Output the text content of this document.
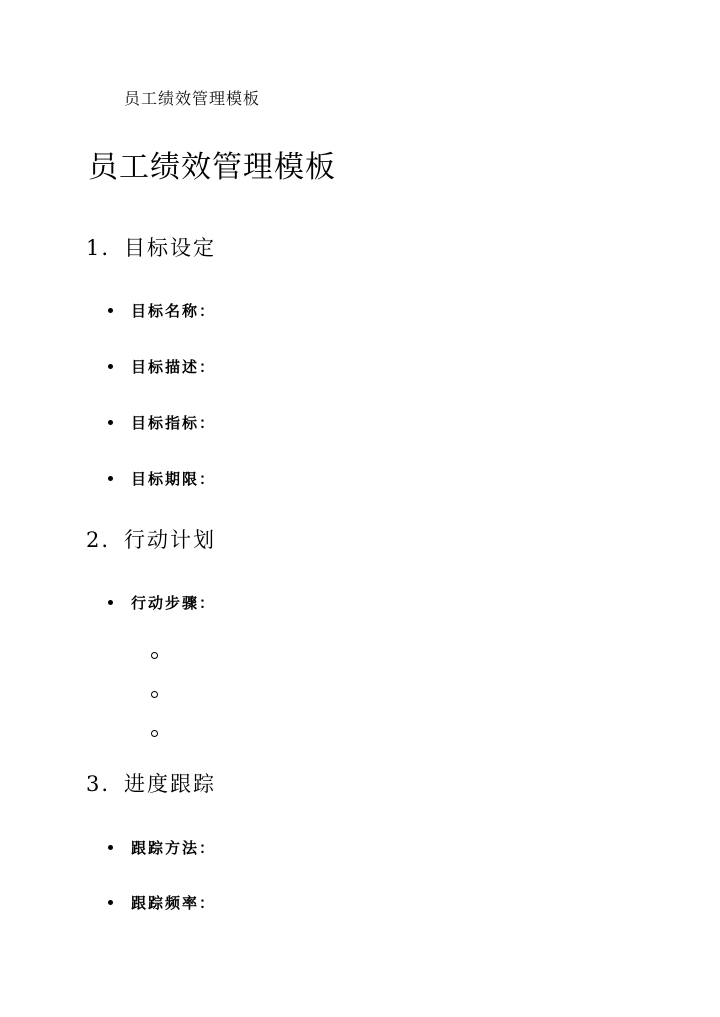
员工绩效管理模板
员工绩效管理模板
1. 目标设定
目标名称：
目标描述：
目标指标：
目标期限：
2. 行动计划
行动步骤：
3. 进度跟踪
跟踪方法：
跟踪频率：
